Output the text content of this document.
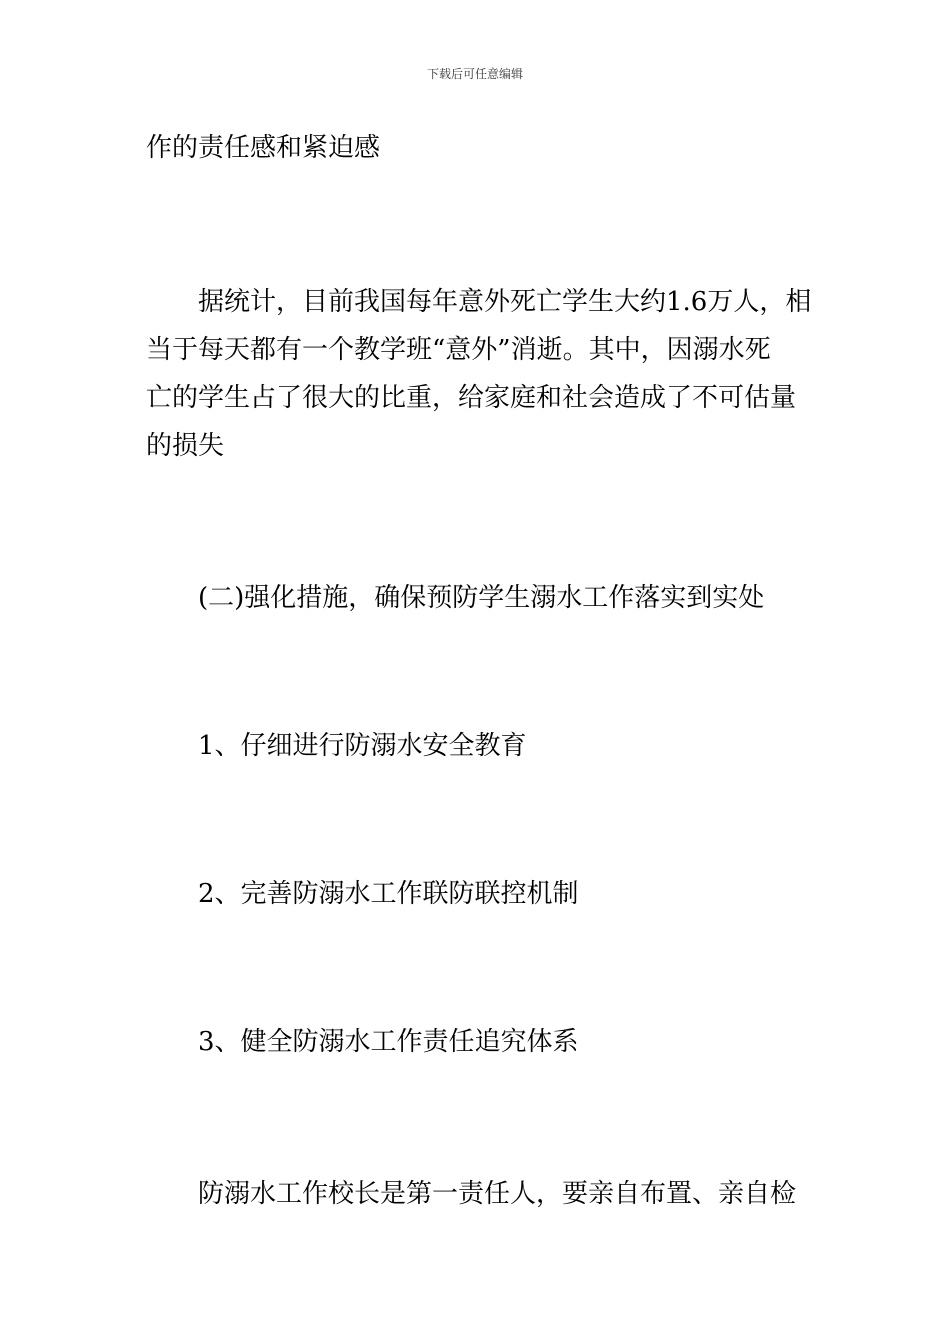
下载后可任意编辑
作的责任感和紧迫感
　　据统计，目前我国每年意外死亡学生大约1.6万人，相
当于每天都有一个教学班“意外”消逝。其中，因溺水死
亡的学生占了很大的比重，给家庭和社会造成了不可估量
的损失
　　(二)强化措施，确保预防学生溺水工作落实到实处
　　1、仔细进行防溺水安全教育
　　2、完善防溺水工作联防联控机制
　　3、健全防溺水工作责任追究体系
　　防溺水工作校长是第一责任人，要亲自布置、亲自检
